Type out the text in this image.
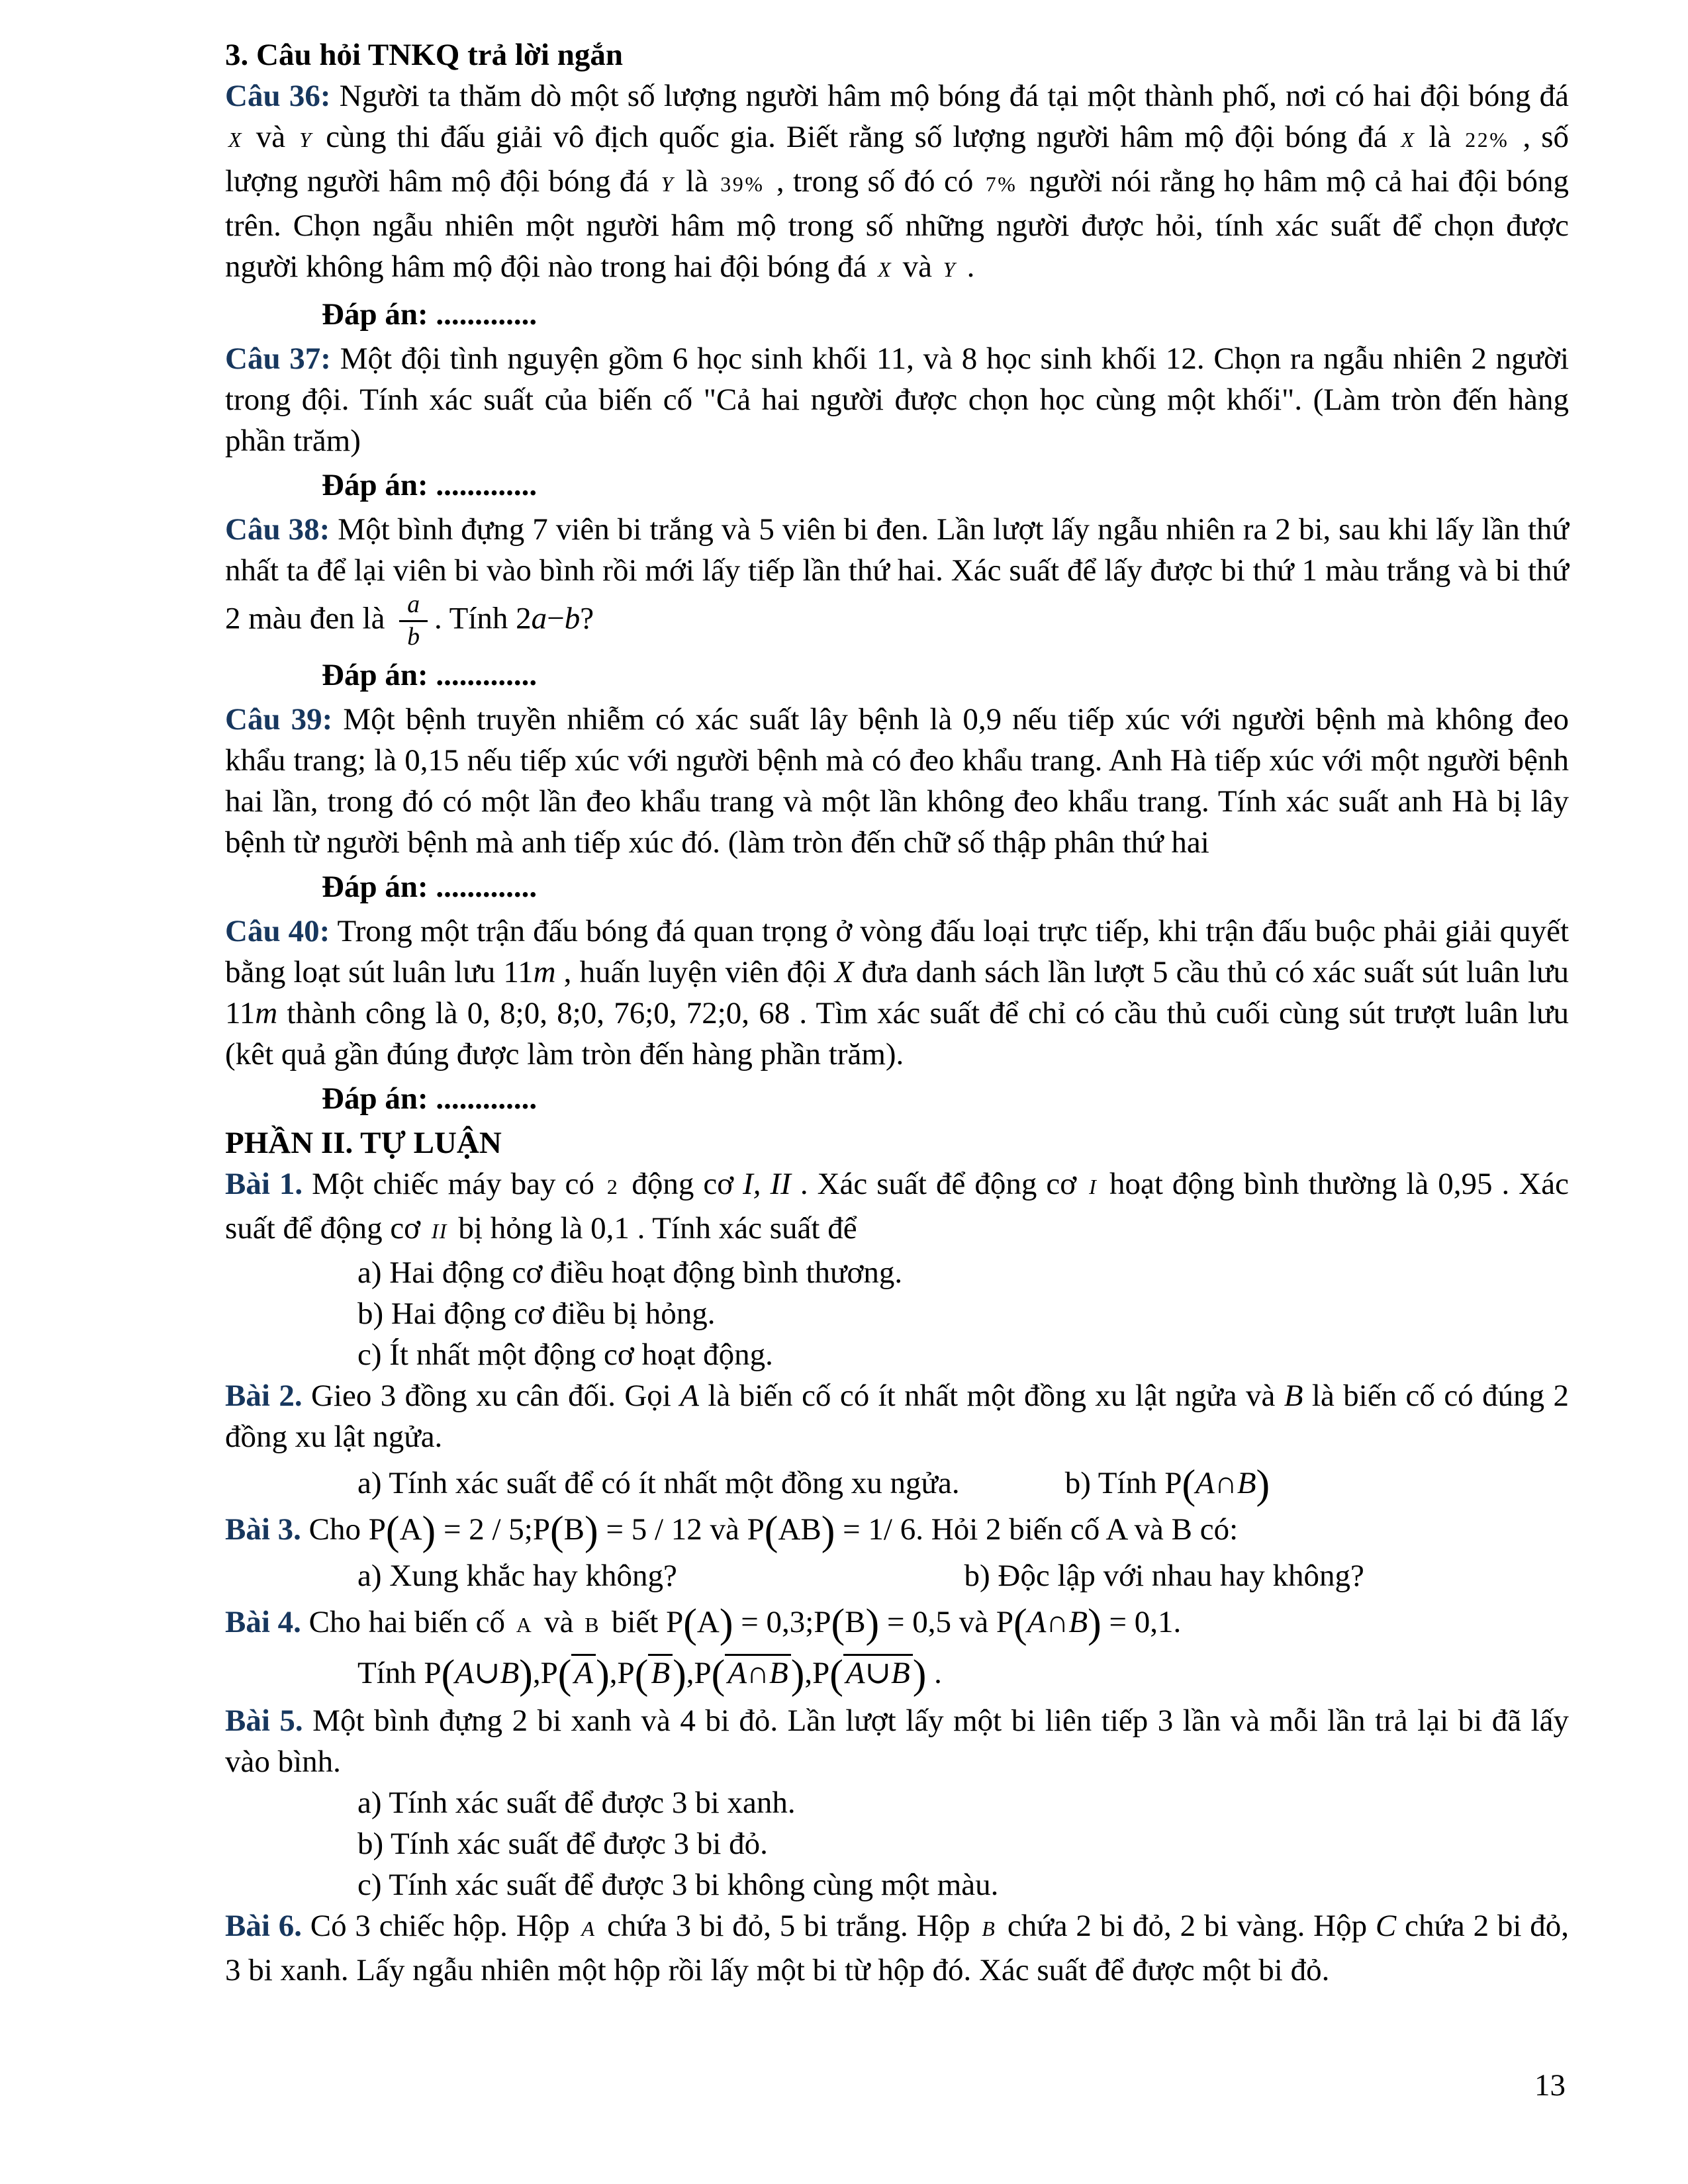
3. Câu hỏi TNKQ trả lời ngắn

Câu 36: Người ta thăm dò một số lượng người hâm mộ bóng đá tại một thành phố, nơi có hai đội bóng đá X và Y cùng thi đấu giải vô địch quốc gia. Biết rằng số lượng người hâm mộ đội bóng đá X là 22% , số lượng người hâm mộ đội bóng đá Y là 39% , trong số đó có 7% người nói rằng họ hâm mộ cả hai đội bóng trên. Chọn ngẫu nhiên một người hâm mộ trong số những người được hỏi, tính xác suất để chọn được người không hâm mộ đội nào trong hai đội bóng đá X và Y .

Đáp án: .............

Câu 37: Một đội tình nguyện gồm 6 học sinh khối 11, và 8 học sinh khối 12. Chọn ra ngẫu nhiên 2 người trong đội. Tính xác suất của biến cố "Cả hai người được chọn học cùng một khối". (Làm tròn đến hàng phần trăm)

Đáp án: .............

Câu 38: Một bình đựng 7 viên bi trắng và 5 viên bi đen. Lần lượt lấy ngẫu nhiên ra 2 bi, sau khi lấy lần thứ nhất ta để lại viên bi vào bình rồi mới lấy tiếp lần thứ hai. Xác suất để lấy được bi thứ 1 màu trắng và bi thứ 2 màu đen là $\frac{a}{b}$ . Tính 2a−b?

Đáp án: .............

Câu 39: Một bệnh truyền nhiễm có xác suất lây bệnh là 0,9 nếu tiếp xúc với người bệnh mà không đeo khẩu trang; là 0,15 nếu tiếp xúc với người bệnh mà có đeo khẩu trang. Anh Hà tiếp xúc với một người bệnh hai lần, trong đó có một lần đeo khẩu trang và một lần không đeo khẩu trang. Tính xác suất anh Hà bị lây bệnh từ người bệnh mà anh tiếp xúc đó. (làm tròn đến chữ số thập phân thứ hai

Đáp án: .............

Câu 40: Trong một trận đấu bóng đá quan trọng ở vòng đấu loại trực tiếp, khi trận đấu buộc phải giải quyết bằng loạt sút luân lưu 11m , huấn luyện viên đội X đưa danh sách lần lượt 5 cầu thủ có xác suất sút luân lưu 11m thành công là 0, 8;0, 8;0, 76;0, 72;0, 68 . Tìm xác suất để chỉ có cầu thủ cuối cùng sút trượt luân lưu (kêt quả gần đúng được làm tròn đến hàng phần trăm).

Đáp án: .............

PHẦN II. TỰ LUẬN

Bài 1. Một chiếc máy bay có 2 động cơ I, II . Xác suất để động cơ I hoạt động bình thường là 0,95 . Xác suất để động cơ II bị hỏng là 0,1 . Tính xác suất để

a) Hai động cơ điều hoạt động bình thương.

b) Hai động cơ điều bị hỏng.

c) Ít nhất một động cơ hoạt động.

Bài 2. Gieo 3 đồng xu cân đối. Gọi A là biến cố có ít nhất một đồng xu lật ngửa và B là biến cố có đúng 2 đồng xu lật ngửa.

a) Tính xác suất để có ít nhất một đồng xu ngửa.	b) Tính P(A∩B)

Bài 3. Cho P(A) = 2 / 5;P(B) = 5 / 12 và P(AB) = 1/ 6. Hỏi 2 biến cố A và B có:

a) Xung khắc hay không?	b) Độc lập với nhau hay không?

Bài 4. Cho hai biến cố A và B biết P(A) = 0,3;P(B) = 0,5 và P(A∩B) = 0,1.

Tính P(A∪B),P(A),P(B),P(A∩B),P(A∪B) .

Bài 5. Một bình đựng 2 bi xanh và 4 bi đỏ. Lần lượt lấy một bi liên tiếp 3 lần và mỗi lần trả lại bi đã lấy vào bình.

a) Tính xác suất để được 3 bi xanh.

b) Tính xác suất để được 3 bi đỏ.

c) Tính xác suất để được 3 bi không cùng một màu.

Bài 6. Có 3 chiếc hộp. Hộp A chứa 3 bi đỏ, 5 bi trắng. Hộp B chứa 2 bi đỏ, 2 bi vàng. Hộp C chứa 2 bi đỏ, 3 bi xanh. Lấy ngẫu nhiên một hộp rồi lấy một bi từ hộp đó. Xác suất để được một bi đỏ.

13
